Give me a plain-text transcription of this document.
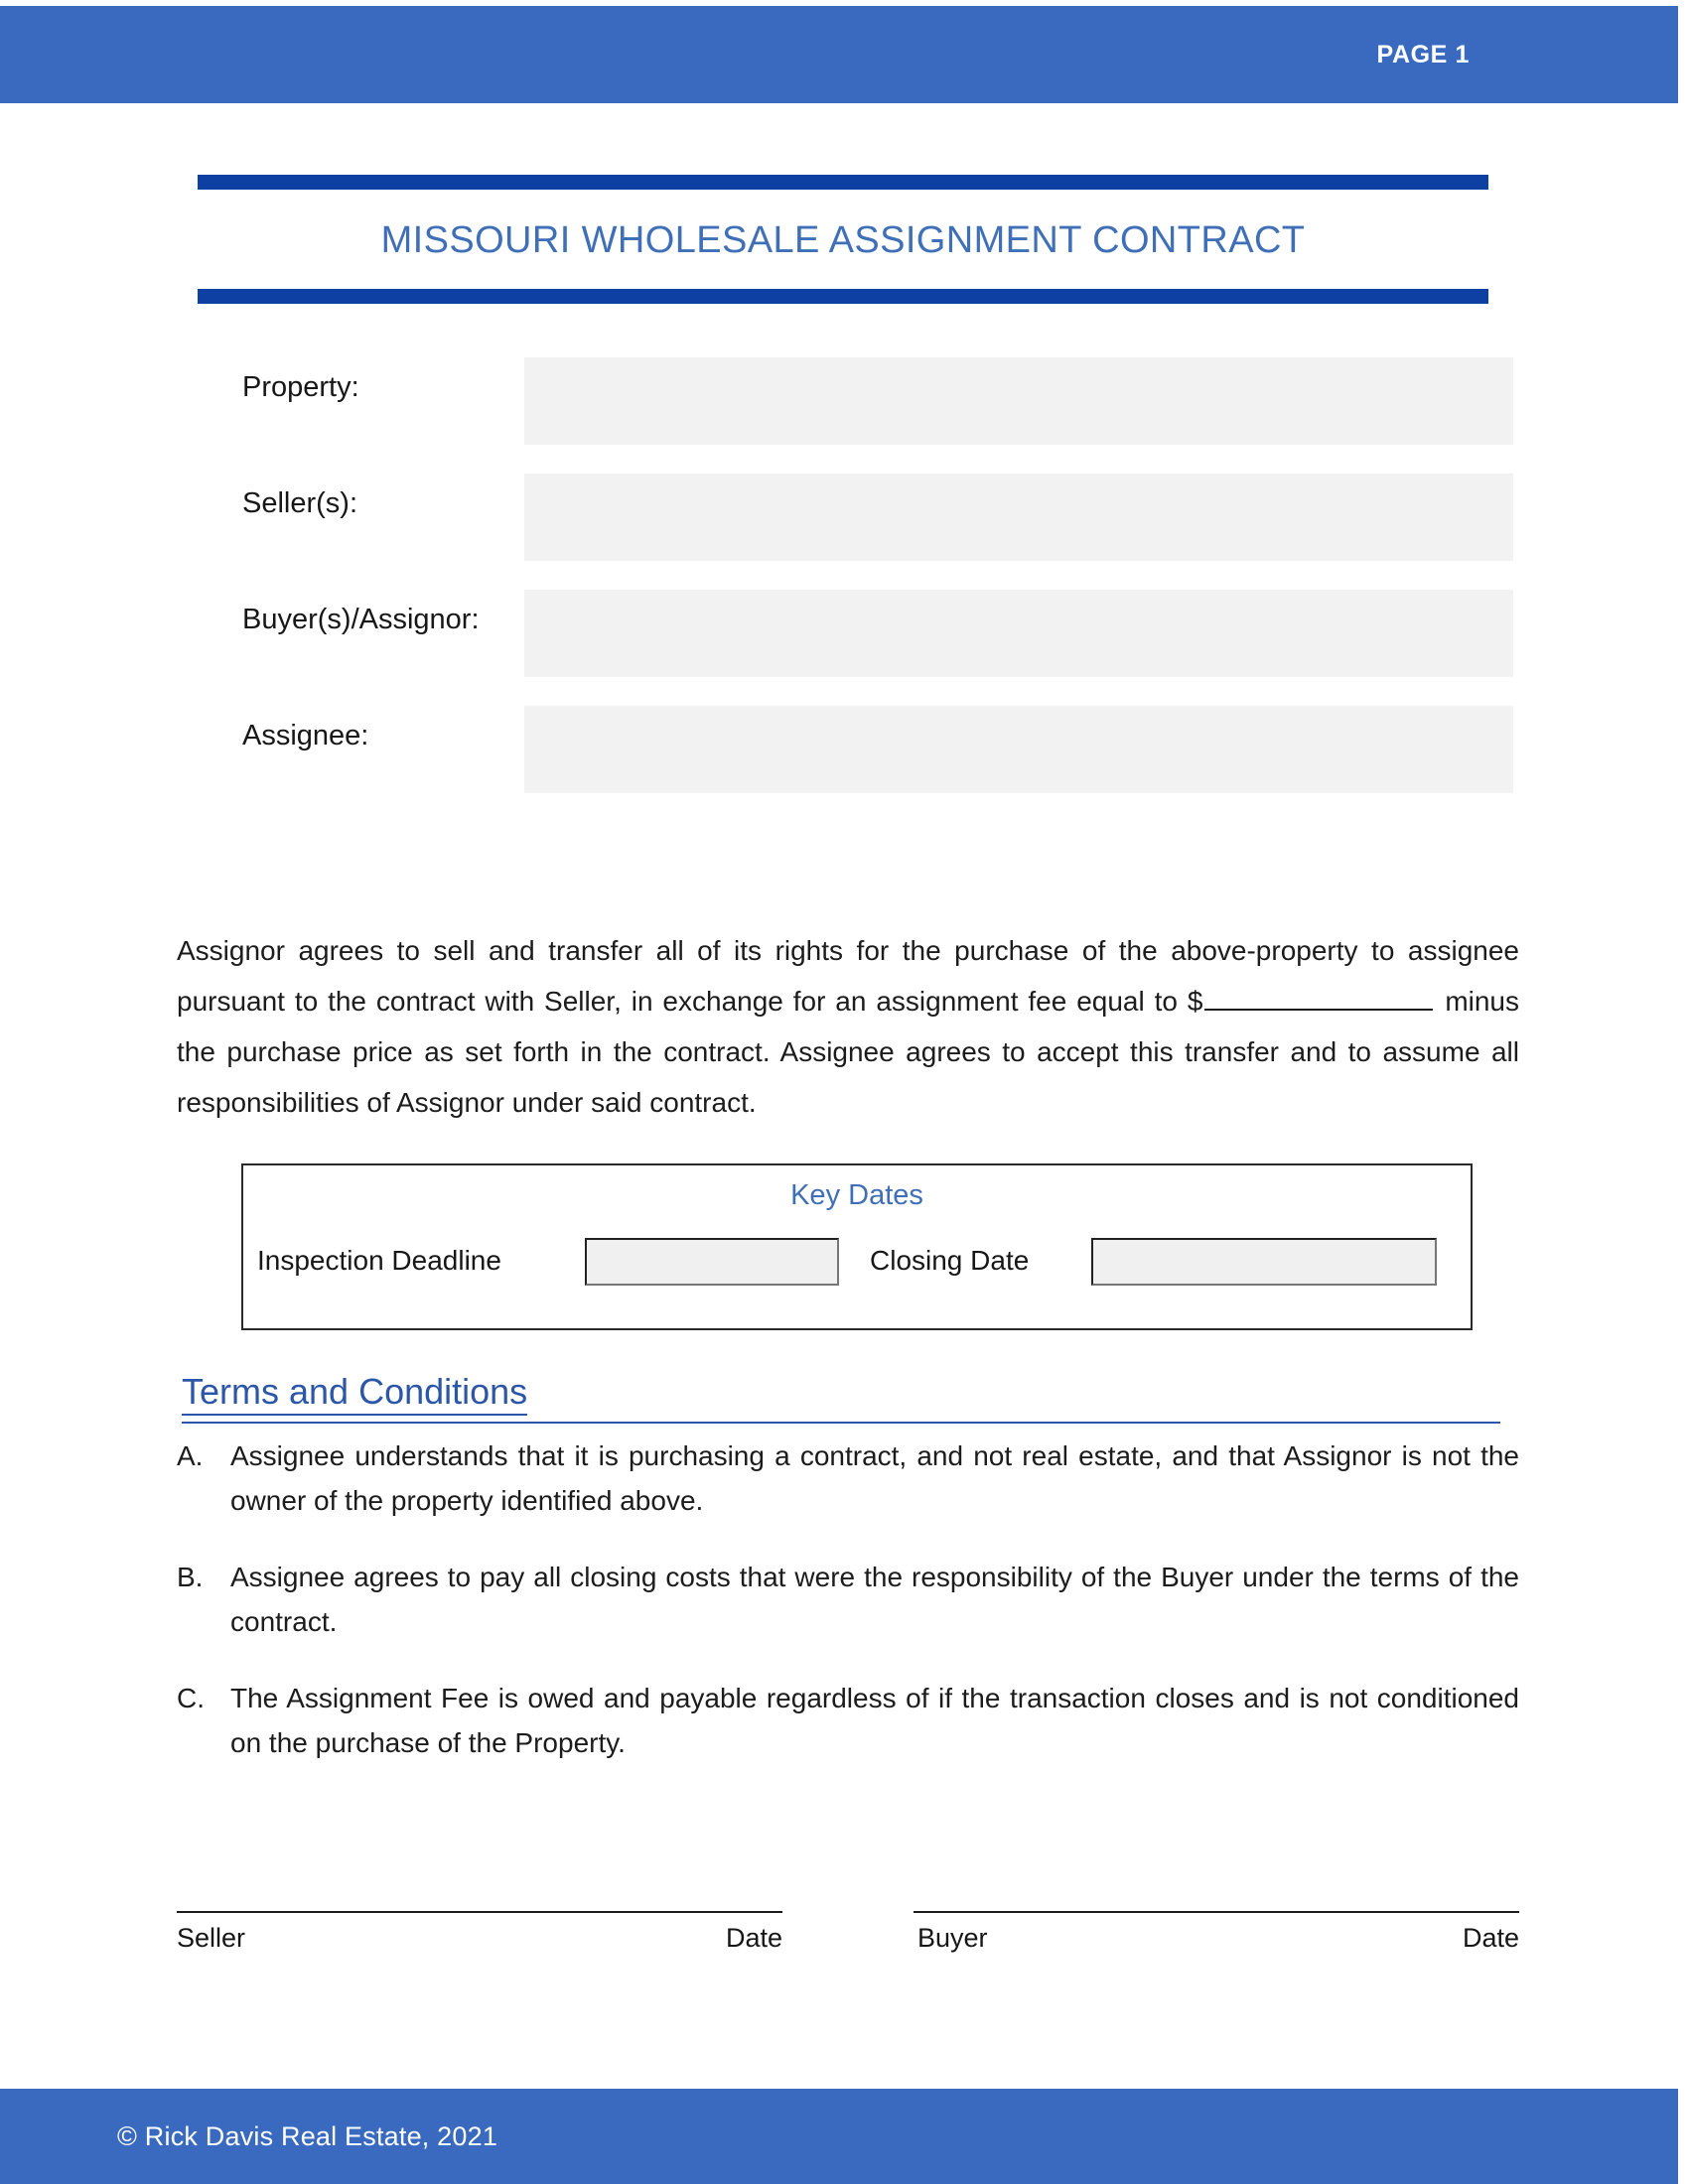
PAGE 1
MISSOURI WHOLESALE ASSIGNMENT CONTRACT
Property:
Seller(s):
Buyer(s)/Assignor:
Assignee:
Assignor agrees to sell and transfer all of its rights for the purchase of the above-property to assignee pursuant to the contract with Seller, in exchange for an assignment fee equal to $	minus the purchase price as set forth in the contract. Assignee agrees to accept this transfer and to assume all responsibilities of Assignor under said contract.
Key Dates
Inspection Deadline	Closing Date
Terms and Conditions
A. Assignee understands that it is purchasing a contract, and not real estate, and that Assignor is not the owner of the property identified above.
B. Assignee agrees to pay all closing costs that were the responsibility of the Buyer under the terms of the contract.
C. The Assignment Fee is owed and payable regardless of if the transaction closes and is not conditioned on the purchase of the Property.
Seller	Date	Buyer	Date
© Rick Davis Real Estate, 2021
